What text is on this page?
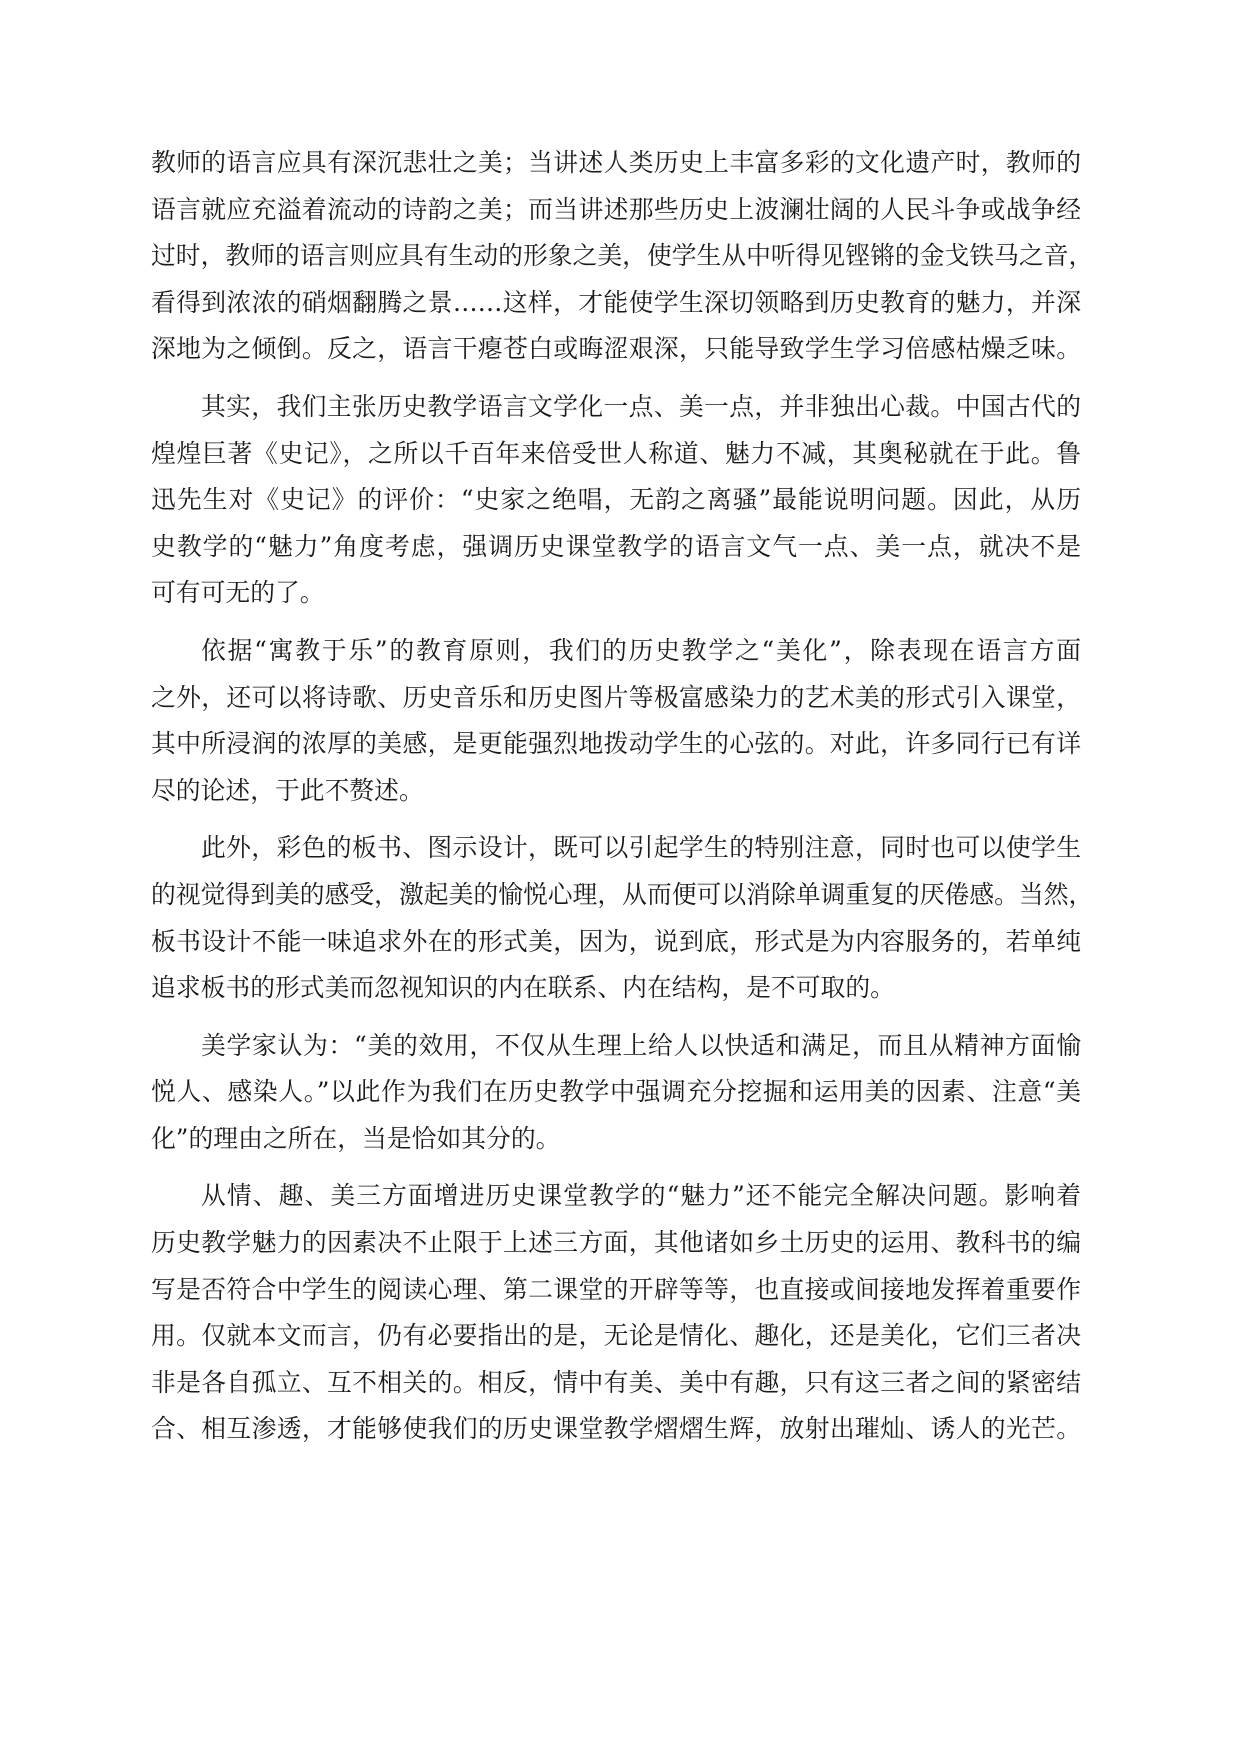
教师的语言应具有深沉悲壮之美；当讲述人类历史上丰富多彩的文化遗产时，教师的
语言就应充溢着流动的诗韵之美；而当讲述那些历史上波澜壮阔的人民斗争或战争经
过时，教师的语言则应具有生动的形象之美，使学生从中听得见铿锵的金戈铁马之音，
看得到浓浓的硝烟翻腾之景……这样，才能使学生深切领略到历史教育的魅力，并深
深地为之倾倒。反之，语言干瘪苍白或晦涩艰深，只能导致学生学习倍感枯燥乏味。
其实，我们主张历史教学语言文学化一点、美一点，并非独出心裁。中国古代的
煌煌巨著《史记》，之所以千百年来倍受世人称道、魅力不减，其奥秘就在于此。鲁
迅先生对《史记》的评价：“史家之绝唱，无韵之离骚”最能说明问题。因此，从历
史教学的“魅力”角度考虑，强调历史课堂教学的语言文气一点、美一点，就决不是
可有可无的了。
依据“寓教于乐”的教育原则，我们的历史教学之“美化”，除表现在语言方面
之外，还可以将诗歌、历史音乐和历史图片等极富感染力的艺术美的形式引入课堂，
其中所浸润的浓厚的美感，是更能强烈地拨动学生的心弦的。对此，许多同行已有详
尽的论述，于此不赘述。
此外，彩色的板书、图示设计，既可以引起学生的特别注意，同时也可以使学生
的视觉得到美的感受，激起美的愉悦心理，从而便可以消除单调重复的厌倦感。当然，
板书设计不能一味追求外在的形式美，因为，说到底，形式是为内容服务的，若单纯
追求板书的形式美而忽视知识的内在联系、内在结构，是不可取的。
美学家认为：“美的效用，不仅从生理上给人以快适和满足，而且从精神方面愉
悦人、感染人。”以此作为我们在历史教学中强调充分挖掘和运用美的因素、注意“美
化”的理由之所在，当是恰如其分的。
从情、趣、美三方面增进历史课堂教学的“魅力”还不能完全解决问题。影响着
历史教学魅力的因素决不止限于上述三方面，其他诸如乡土历史的运用、教科书的编
写是否符合中学生的阅读心理、第二课堂的开辟等等，也直接或间接地发挥着重要作
用。仅就本文而言，仍有必要指出的是，无论是情化、趣化，还是美化，它们三者决
非是各自孤立、互不相关的。相反，情中有美、美中有趣，只有这三者之间的紧密结
合、相互渗透，才能够使我们的历史课堂教学熠熠生辉，放射出璀灿、诱人的光芒。
